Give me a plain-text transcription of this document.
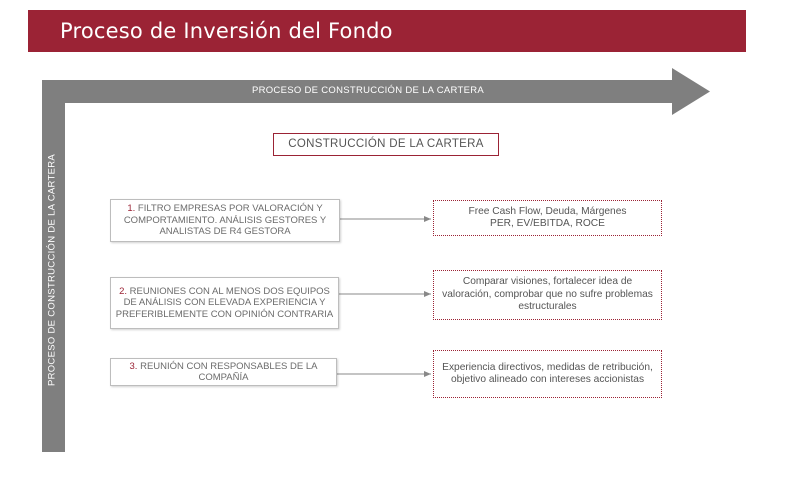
Proceso de Inversión del Fondo
PROCESO DE CONSTRUCCIÓN DE LA CARTERA
PROCESO DE CONSTRUCCIÓN DE LA CARTERA
CONSTRUCCIÓN DE LA CARTERA
1. FILTRO EMPRESAS POR VALORACIÓN Y COMPORTAMIENTO. ANÁLISIS GESTORES Y ANALISTAS DE R4 GESTORA
Free Cash Flow, Deuda, Márgenes
PER, EV/EBITDA, ROCE
2. REUNIONES CON AL MENOS DOS EQUIPOS DE ANÁLISIS CON ELEVADA EXPERIENCIA Y PREFERIBLEMENTE CON OPINIÓN CONTRARIA
Comparar visiones, fortalecer idea de valoración, comprobar que no sufre problemas estructurales
3. REUNIÓN CON RESPONSABLES DE LA COMPAÑÍA
Experiencia directivos, medidas de retribución, objetivo alineado con intereses accionistas
